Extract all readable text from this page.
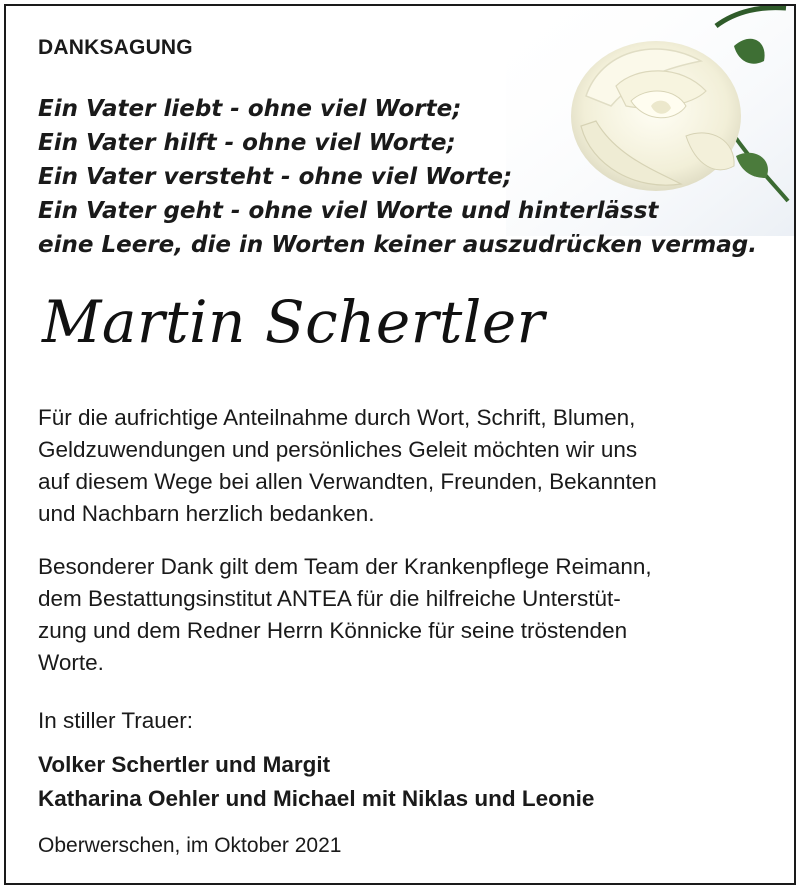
DANKSAGUNG
Ein Vater liebt - ohne viel Worte;
Ein Vater hilft - ohne viel Worte;
Ein Vater versteht - ohne viel Worte;
Ein Vater geht - ohne viel Worte und hinterlässt
eine Leere, die in Worten keiner auszudrücken vermag.
Martin Schertler
Für die aufrichtige Anteilnahme durch Wort, Schrift, Blumen,
Geldzuwendungen und persönliches Geleit möchten wir uns
auf diesem Wege bei allen Verwandten, Freunden, Bekannten
und Nachbarn herzlich bedanken.
Besonderer Dank gilt dem Team der Krankenpflege Reimann,
dem Bestattungsinstitut ANTEA für die hilfreiche Unterstüt-
zung und dem Redner Herrn Könnicke für seine tröstenden
Worte.
In stiller Trauer:
Volker Schertler und Margit
Katharina Oehler und Michael mit Niklas und Leonie
Oberwerschen, im Oktober 2021
